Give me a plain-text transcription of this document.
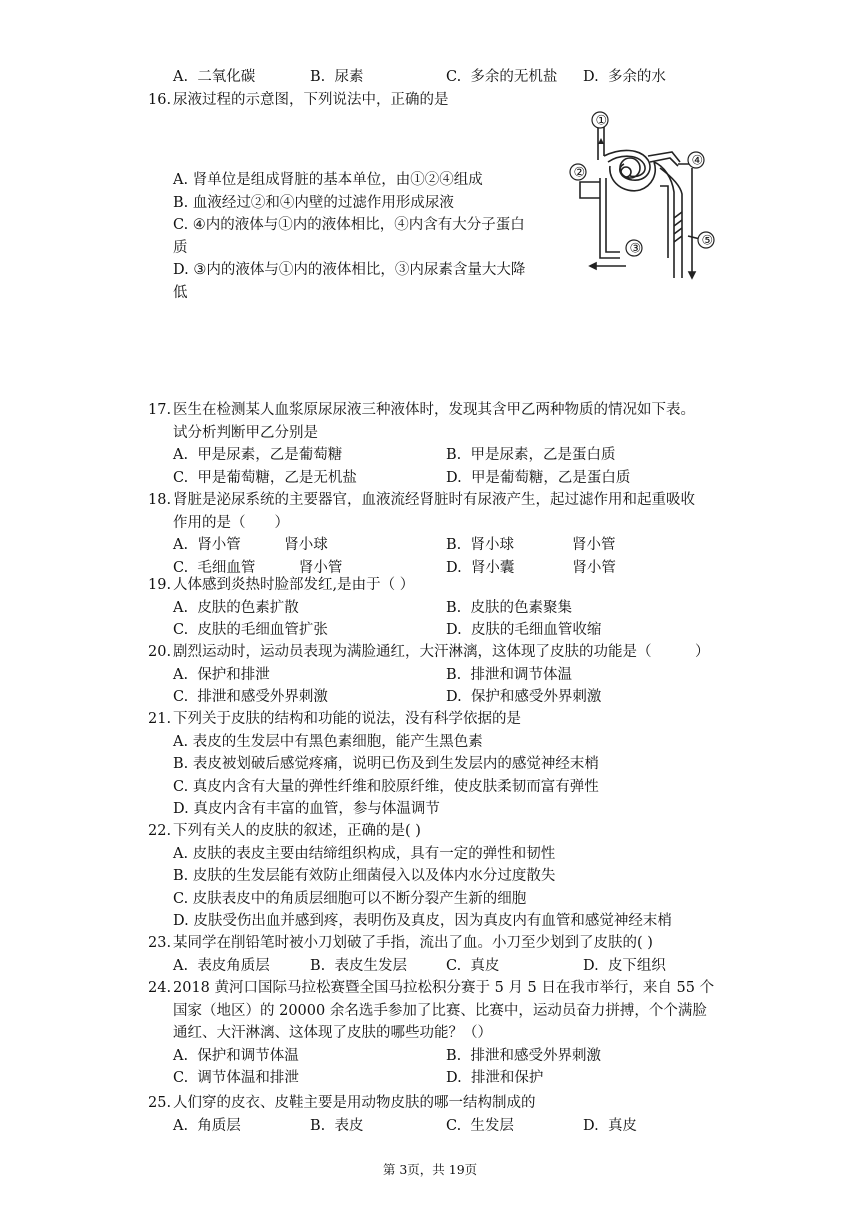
A. 二氧化碳	B. 尿素	C. 多余的无机盐 D. 多余的水
16. 尿液过程的示意图，下列说法中，正确的是
A. 肾单位是组成肾脏的基本单位，由①②④组成
B. 血液经过②和④内壁的过滤作用形成尿液
C. ④内的液体与①内的液体相比，④内含有大分子蛋白
质
D. ③内的液体与①内的液体相比，③内尿素含量大大降
低
①
②
③
④
⑤
17. 医生在检测某人血浆原尿尿液三种液体时，发现其含甲乙两种物质的情况如下表。
试分析判断甲乙分别是
A. 甲是尿素，乙是葡萄糖	B. 甲是尿素，乙是蛋白质
C. 甲是葡萄糖，乙是无机盐	D. 甲是葡萄糖，乙是蛋白质
18. 肾脏是泌尿系统的主要器官，血液流经肾脏时有尿液产生，起过滤作用和起重吸收
作用的是（　　）
A. 肾小管　　　肾小球	B. 肾小球　　　　肾小管
C. 毛细血管　　　肾小管	D. 肾小囊　　　　肾小管
19. 人体感到炎热时脸部发红,是由于（ ）
A. 皮肤的色素扩散	B. 皮肤的色素聚集
C. 皮肤的毛细血管扩张	D. 皮肤的毛细血管收缩
20. 剧烈运动时，运动员表现为满脸通红，大汗淋漓，这体现了皮肤的功能是（　　　）
A. 保护和排泄	B. 排泄和调节体温
C. 排泄和感受外界刺激	D. 保护和感受外界刺激
21. 下列关于皮肤的结构和功能的说法，没有科学依据的是
A. 表皮的生发层中有黑色素细胞，能产生黑色素
B. 表皮被划破后感觉疼痛，说明已伤及到生发层内的感觉神经末梢
C. 真皮内含有大量的弹性纤维和胶原纤维，使皮肤柔韧而富有弹性
D. 真皮内含有丰富的血管，参与体温调节
22. 下列有关人的皮肤的叙述，正确的是( )
A. 皮肤的表皮主要由结缔组织构成，具有一定的弹性和韧性
B. 皮肤的生发层能有效防止细菌侵入以及体内水分过度散失
C. 皮肤表皮中的角质层细胞可以不断分裂产生新的细胞
D. 皮肤受伤出血并感到疼，表明伤及真皮，因为真皮内有血管和感觉神经末梢
23. 某同学在削铅笔时被小刀划破了手指，流出了血。小刀至少划到了皮肤的( )
A. 表皮角质层	B. 表皮生发层	C. 真皮	D. 皮下组织
24. 2018 黄河口国际马拉松赛暨全国马拉松积分赛于 5 月 5 日在我市举行，来自 55 个
国家（地区）的 20000 余名选手参加了比赛、比赛中，运动员奋力拼搏，个个满脸
通红、大汗淋漓、这体现了皮肤的哪些功能？（）
A. 保护和调节体温	B. 排泄和感受外界刺激
C. 调节体温和排泄	D. 排泄和保护
25. 人们穿的皮衣、皮鞋主要是用动物皮肤的哪一结构制成的
A. 角质层	B. 表皮	C. 生发层	D. 真皮
第 3页，共 19页
